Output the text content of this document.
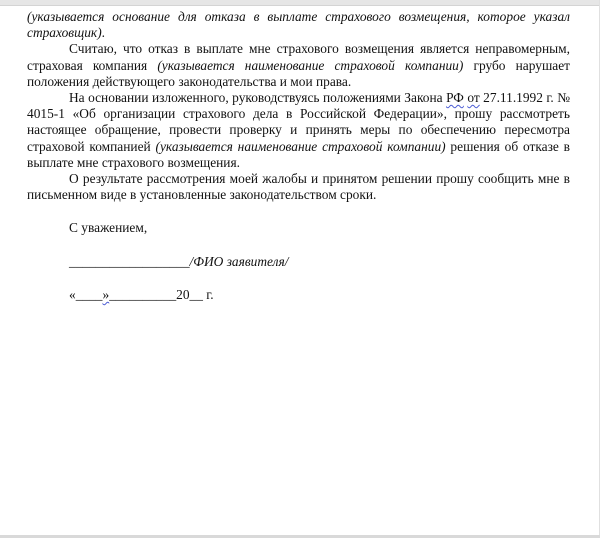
(указывается основание для отказа в выплате страхового возмещения, которое указал страховщик).

Считаю, что отказ в выплате мне страхового возмещения является неправомерным, страховая компания (указывается наименование страховой компании) грубо нарушает положения действующего законодательства и мои права.

На основании изложенного, руководствуясь положениями Закона РФ от 27.11.1992 г. № 4015-1 «Об организации страхового дела в Российской Федерации», прошу рассмотреть настоящее обращение, провести проверку и принять меры по обеспечению пересмотра страховой компанией (указывается наименование страховой компании) решения об отказе в выплате мне страхового возмещения.

О результате рассмотрения моей жалобы и принятом решении прошу сообщить мне в письменном виде в установленные законодательством сроки.

С уважением,

__________________/ФИО заявителя/

«____»__________20__ г.
